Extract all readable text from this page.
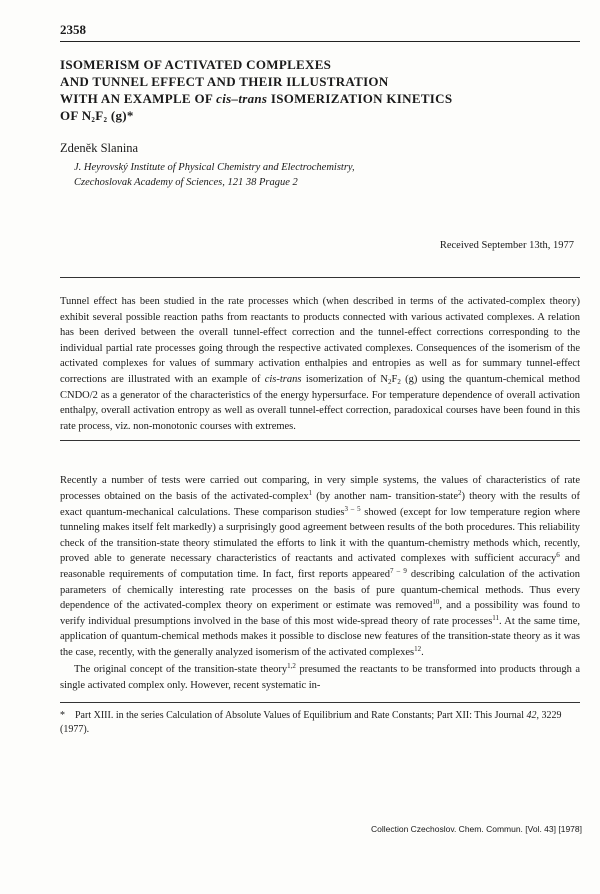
2358
ISOMERISM OF ACTIVATED COMPLEXES
AND TUNNEL EFFECT AND THEIR ILLUSTRATION
WITH AN EXAMPLE OF cis–trans ISOMERIZATION KINETICS
OF $N_2F_2$ (g)*
Zdeněk Slanina
J. Heyrovský Institute of Physical Chemistry and Electrochemistry,
Czechoslovak Academy of Sciences, 121 38 Prague 2
Received September 13th, 1977
Tunnel effect has been studied in the rate processes which (when described in terms of the activated-complex theory) exhibit several possible reaction paths from reactants to products connected with various activated complexes. A relation has been derived between the overall tunnel-effect correction and the tunnel-effect corrections corresponding to the individual partial rate processes going through the respective activated complexes. Consequences of the isomerism of the activated complexes for values of summary activation enthalpies and entropies as well as for summary tunnel-effect corrections are illustrated with an example of cis-trans isomerization of $N_2F_2$ (g) using the quantum-chemical method CNDO/2 as a generator of the characteristics of the energy hypersurface. For temperature dependence of overall activation enthalpy, overall activation entropy as well as overall tunnel-effect correction, paradoxical courses have been found in this rate process, viz. non-monotonic courses with extremes.

Recently a number of tests were carried out comparing, in very simple systems, the values of characteristics of rate processes obtained on the basis of the activated-complex$^1$ (by another nam- transition-state$^2$) theory with the results of exact quantum-mechanical calculations. These comparison studies$^{3 - 5}$ showed (except for low temperature region where tunneling makes itself felt markedly) a surprisingly good agreement between results of the both procedures. This reliability check of the transition-state theory stimulated the efforts to link it with the quantum-chemistry methods which, recently, proved able to generate necessary characteristics of reactants and activated complexes with sufficient accuracy$^6$ and reasonable requirements of computation time. In fact, first reports appeared$^{7 - 9}$ describing calculation of the activation parameters of chemically interesting rate processes on the basis of pure quantum-chemical methods. Thus every dependence of the activated-complex theory on experiment or estimate was removed$^{10}$, and a possibility was found to verify individual presumptions involved in the base of this most wide-spread theory of rate processes$^{11}$. At the same time, application of quantum-chemical methods makes it possible to disclose new features of the transition-state theory as it was the case, recently, with the generally analyzed isomerism of the activated complexes$^{12}$.

The original concept of the transition-state theory$^{1,2}$ presumed the reactants to be transformed into products through a single activated complex only. However, recent systematic in-

* Part XIII. in the series Calculation of Absolute Values of Equilibrium and Rate Constants; Part XII: This Journal 42, 3229 (1977).
Collection Czechoslov. Chem. Commun. [Vol. 43] [1978]
